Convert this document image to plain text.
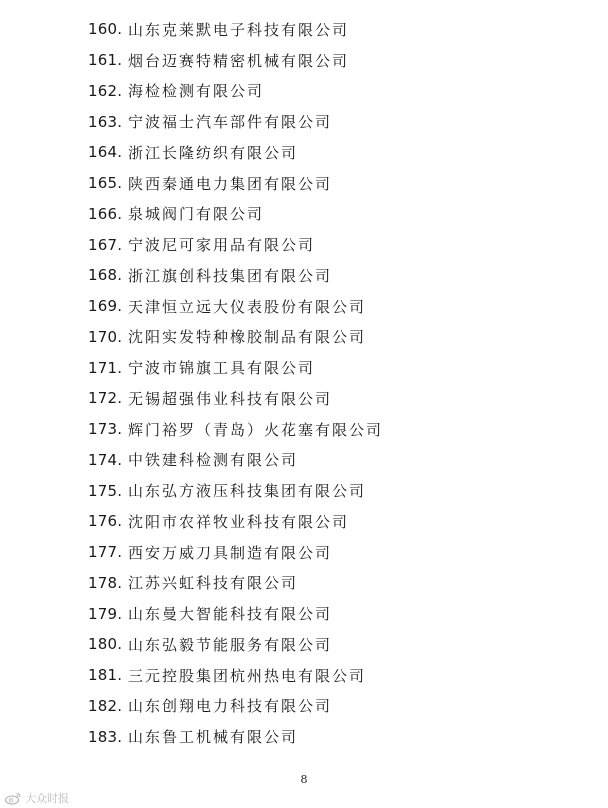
160. 山东克莱默电子科技有限公司
161. 烟台迈赛特精密机械有限公司
162. 海检检测有限公司
163. 宁波福士汽车部件有限公司
164. 浙江长隆纺织有限公司
165. 陕西秦通电力集团有限公司
166. 泉城阀门有限公司
167. 宁波尼可家用品有限公司
168. 浙江旗创科技集团有限公司
169. 天津恒立远大仪表股份有限公司
170. 沈阳实发特种橡胶制品有限公司
171. 宁波市锦旗工具有限公司
172. 无锡超强伟业科技有限公司
173. 辉门裕罗（青岛）火花塞有限公司
174. 中铁建科检测有限公司
175. 山东弘方液压科技集团有限公司
176. 沈阳市农祥牧业科技有限公司
177. 西安万威刀具制造有限公司
178. 江苏兴虹科技有限公司
179. 山东曼大智能科技有限公司
180. 山东弘毅节能服务有限公司
181. 三元控股集团杭州热电有限公司
182. 山东创翔电力科技有限公司
183. 山东鲁工机械有限公司
8
大众时报
